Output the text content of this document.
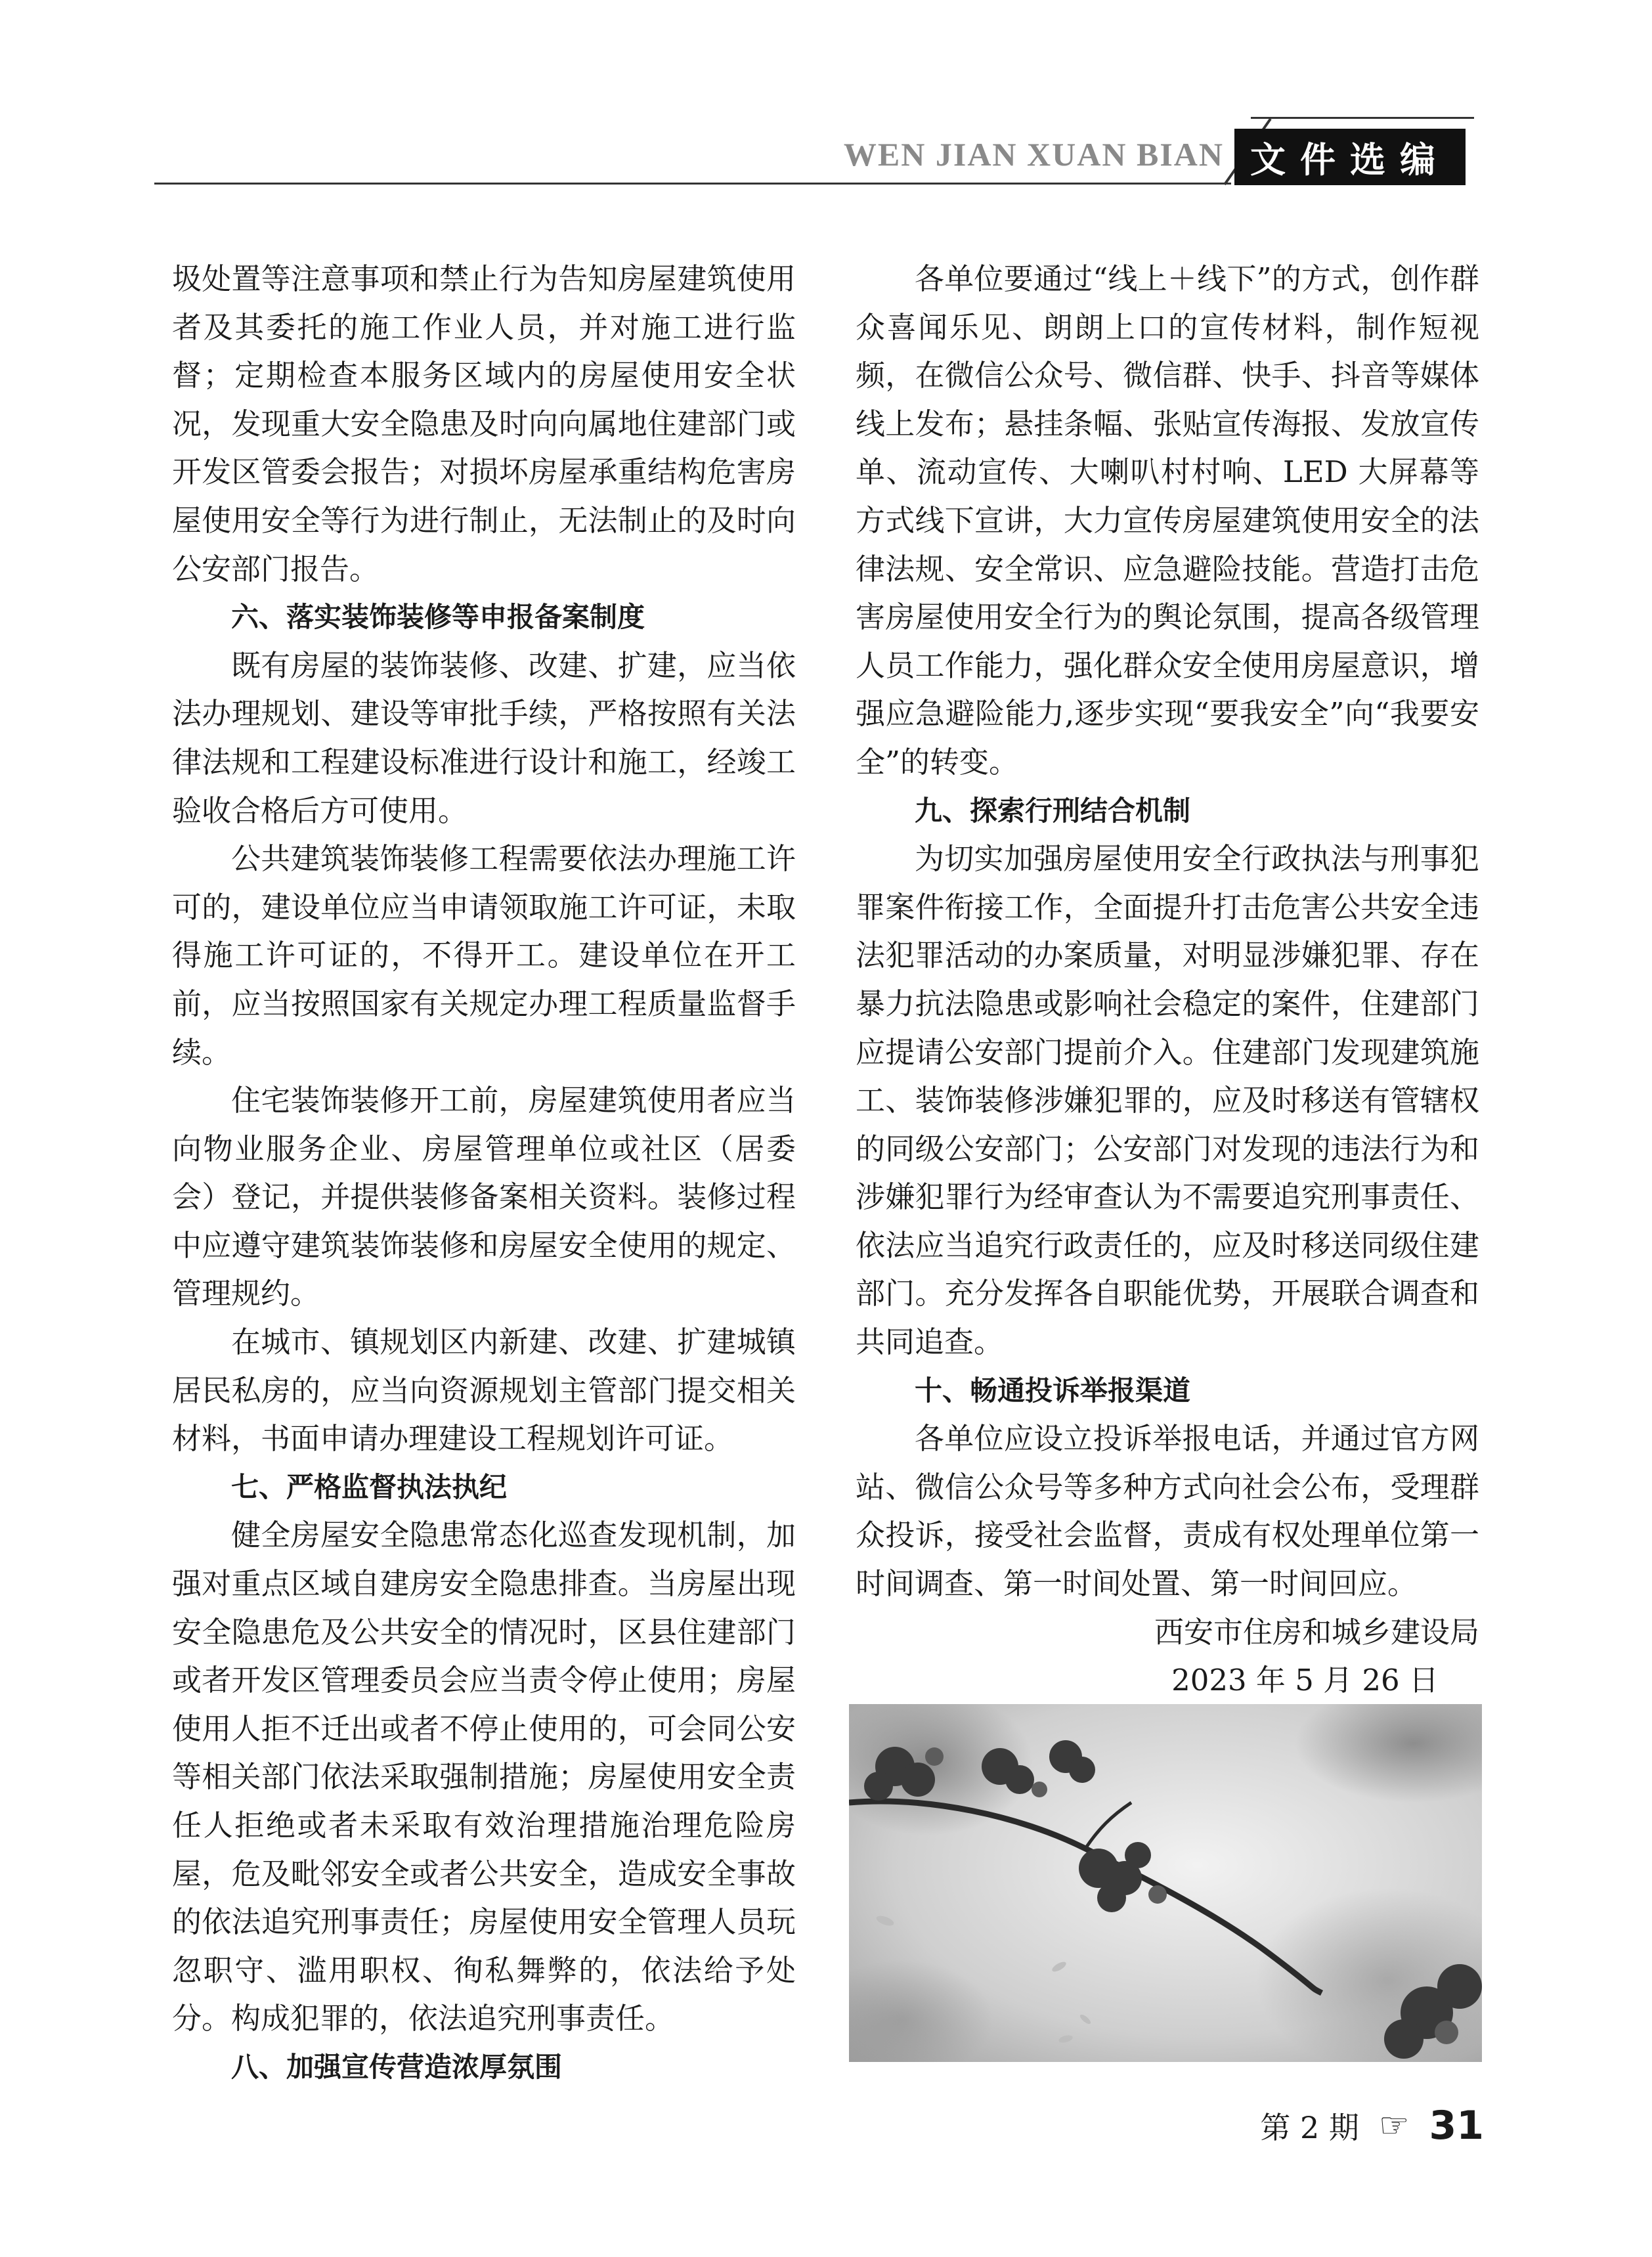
WEN JIAN XUAN BIAN 文件选编

圾处置等注意事项和禁止行为告知房屋建筑使用者及其委托的施工作业人员，并对施工进行监督；定期检查本服务区域内的房屋使用安全状况，发现重大安全隐患及时向向属地住建部门或开发区管委会报告；对损坏房屋承重结构危害房屋使用安全等行为进行制止，无法制止的及时向公安部门报告。

六、落实装饰装修等申报备案制度

既有房屋的装饰装修、改建、扩建，应当依法办理规划、建设等审批手续，严格按照有关法律法规和工程建设标准进行设计和施工，经竣工验收合格后方可使用。

公共建筑装饰装修工程需要依法办理施工许可的，建设单位应当申请领取施工许可证，未取得施工许可证的，不得开工。建设单位在开工前，应当按照国家有关规定办理工程质量监督手续。

住宅装饰装修开工前，房屋建筑使用者应当向物业服务企业、房屋管理单位或社区（居委会）登记，并提供装修备案相关资料。装修过程中应遵守建筑装饰装修和房屋安全使用的规定、管理规约。

在城市、镇规划区内新建、改建、扩建城镇居民私房的，应当向资源规划主管部门提交相关材料，书面申请办理建设工程规划许可证。

七、严格监督执法执纪

健全房屋安全隐患常态化巡查发现机制，加强对重点区域自建房安全隐患排查。当房屋出现安全隐患危及公共安全的情况时，区县住建部门或者开发区管理委员会应当责令停止使用；房屋使用人拒不迁出或者不停止使用的，可会同公安等相关部门依法采取强制措施；房屋使用安全责任人拒绝或者未采取有效治理措施治理危险房屋，危及毗邻安全或者公共安全，造成安全事故的依法追究刑事责任；房屋使用安全管理人员玩忽职守、滥用职权、徇私舞弊的，依法给予处分。构成犯罪的，依法追究刑事责任。

八、加强宣传营造浓厚氛围

各单位要通过“线上＋线下”的方式，创作群众喜闻乐见、朗朗上口的宣传材料，制作短视频，在微信公众号、微信群、快手、抖音等媒体线上发布；悬挂条幅、张贴宣传海报、发放宣传单、流动宣传、大喇叭村村响、LED 大屏幕等方式线下宣讲，大力宣传房屋建筑使用安全的法律法规、安全常识、应急避险技能。营造打击危害房屋使用安全行为的舆论氛围，提高各级管理人员工作能力，强化群众安全使用房屋意识，增强应急避险能力,逐步实现“要我安全”向“我要安全”的转变。

九、探索行刑结合机制

为切实加强房屋使用安全行政执法与刑事犯罪案件衔接工作，全面提升打击危害公共安全违法犯罪活动的办案质量，对明显涉嫌犯罪、存在暴力抗法隐患或影响社会稳定的案件，住建部门应提请公安部门提前介入。住建部门发现建筑施工、装饰装修涉嫌犯罪的，应及时移送有管辖权的同级公安部门；公安部门对发现的违法行为和涉嫌犯罪行为经审查认为不需要追究刑事责任、依法应当追究行政责任的，应及时移送同级住建部门。充分发挥各自职能优势，开展联合调查和共同追查。

十、畅通投诉举报渠道

各单位应设立投诉举报电话，并通过官方网站、微信公众号等多种方式向社会公布，受理群众投诉，接受社会监督，责成有权处理单位第一时间调查、第一时间处置、第一时间回应。

西安市住房和城乡建设局

2023 年 5 月 26 日

第 2 期 ☞ 31
